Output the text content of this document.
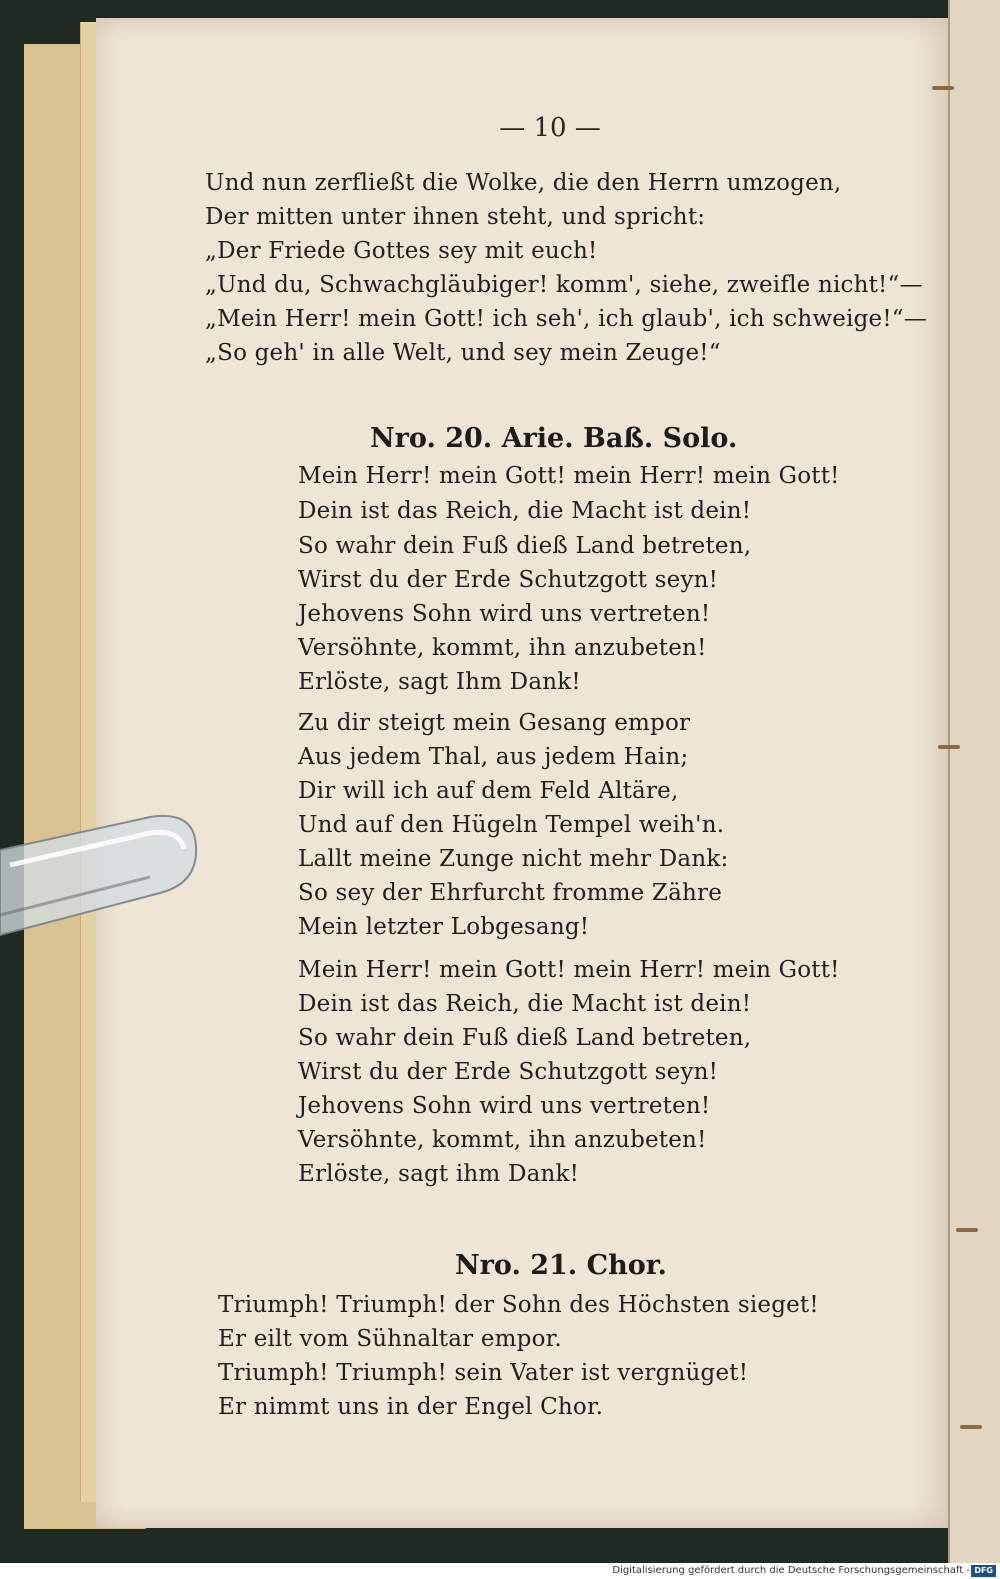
— 10 —
Und nun zerfließt die Wolke, die den Herrn umzogen,
Der mitten unter ihnen steht, und spricht:
„Der Friede Gottes sey mit euch!
„Und du, Schwachgläubiger! komm', siehe, zweifle nicht!“—
„Mein Herr! mein Gott! ich seh', ich glaub', ich schweige!“—
„So geh' in alle Welt, und sey mein Zeuge!“
Nro. 20. Arie. Baß. Solo.
Mein Herr! mein Gott! mein Herr! mein Gott!
Dein ist das Reich, die Macht ist dein!
So wahr dein Fuß dieß Land betreten,
Wirst du der Erde Schutzgott seyn!
Jehovens Sohn wird uns vertreten!
Versöhnte, kommt, ihn anzubeten!
Erlöste, sagt Ihm Dank!
Zu dir steigt mein Gesang empor
Aus jedem Thal, aus jedem Hain;
Dir will ich auf dem Feld Altäre,
Und auf den Hügeln Tempel weih'n.
Lallt meine Zunge nicht mehr Dank:
So sey der Ehrfurcht fromme Zähre
Mein letzter Lobgesang!
Mein Herr! mein Gott! mein Herr! mein Gott!
Dein ist das Reich, die Macht ist dein!
So wahr dein Fuß dieß Land betreten,
Wirst du der Erde Schutzgott seyn!
Jehovens Sohn wird uns vertreten!
Versöhnte, kommt, ihn anzubeten!
Erlöste, sagt ihm Dank!
Nro. 21. Chor.
Triumph! Triumph! der Sohn des Höchsten sieget!
Er eilt vom Sühnaltar empor.
Triumph! Triumph! sein Vater ist vergnüget!
Er nimmt uns in der Engel Chor.
Digitalisierung gefördert durch die Deutsche Forschungsgemeinschaft - DFG
